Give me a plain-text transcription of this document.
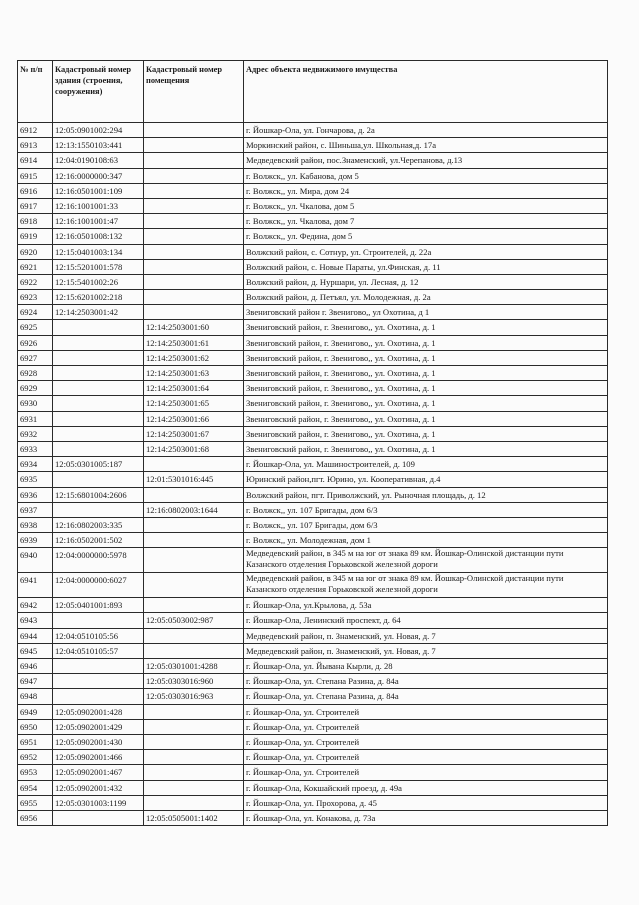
№ п/п	Кадастровый номер здания (строения, сооружения)	Кадастровый номер помещения	Адрес объекта недвижимого имущества
6912	12:05:0901002:294		г. Йошкар-Ола, ул. Гончарова, д. 2а
6913	12:13:1550103:441		Моркинский район, с. Шиньша,ул. Школьная,д. 17а
6914	12:04:0190108:63		Медведевский район, пос.Знаменский, ул.Черепанова, д.13
6915	12:16:0000000:347		г. Волжск,, ул. Кабанова, дом 5
6916	12:16:0501001:109		г. Волжск,, ул. Мира, дом 24
6917	12:16:1001001:33		г. Волжск,, ул. Чкалова, дом 5
6918	12:16:1001001:47		г. Волжск,, ул. Чкалова, дом 7
6919	12:16:0501008:132		г. Волжск,, ул. Федина, дом 5
6920	12:15:0401003:134		Волжский район, с. Сотнур, ул. Строителей, д. 22а
6921	12:15:5201001:578		Волжский район, с. Новые Параты, ул.Финская, д. 11
6922	12:15:5401002:26		Волжский район, д. Нуршари, ул. Лесная, д. 12
6923	12:15:6201002:218		Волжский район, д. Петъял, ул. Молодежная, д. 2а
6924	12:14:2503001:42		Звениговский район г. Звенигово,, ул Охотина, д 1
6925		12:14:2503001:60	Звениговский район, г. Звенигово,, ул. Охотина, д. 1
6926		12:14:2503001:61	Звениговский район, г. Звенигово,, ул. Охотина, д. 1
6927		12:14:2503001:62	Звениговский район, г. Звенигово,, ул. Охотина, д. 1
6928		12:14:2503001:63	Звениговский район, г. Звенигово,, ул. Охотина, д. 1
6929		12:14:2503001:64	Звениговский район, г. Звенигово,, ул. Охотина, д. 1
6930		12:14:2503001:65	Звениговский район, г. Звенигово,, ул. Охотина, д. 1
6931		12:14:2503001:66	Звениговский район, г. Звенигово,, ул. Охотина, д. 1
6932		12:14:2503001:67	Звениговский район, г. Звенигово,, ул. Охотина, д. 1
6933		12:14:2503001:68	Звениговский район, г. Звенигово,, ул. Охотина, д. 1
6934	12:05:0301005:187		г. Йошкар-Ола, ул. Машиностроителей, д. 109
6935		12:01:5301016:445	Юринский район,пгт. Юрино, ул. Кооперативная, д.4
6936	12:15:6801004:2606		Волжский район, пгт. Приволжский, ул. Рыночная площадь, д. 12
6937		12:16:0802003:1644	г. Волжск,, ул. 107 Бригады, дом 6/3
6938	12:16:0802003:335		г. Волжск,, ул. 107 Бригады, дом 6/3
6939	12:16:0502001:502		г. Волжск,, ул. Молодежная, дом 1
6940	12:04:0000000:5978		Медведевский район, в 345 м на юг от знака 89 км. Йошкар-Олинской дистанции пути Казанского отделения Горьковской железной дороги
6941	12:04:0000000:6027		Медведевский район, в 345 м на юг от знака 89 км. Йошкар-Олинской дистанции пути Казанского отделения Горьковской железной дороги
6942	12:05:0401001:893		г. Йошкар-Ола, ул.Крылова, д. 53а
6943		12:05:0503002:987	г. Йошкар-Ола, Ленинский проспект, д. 64
6944	12:04:0510105:56		Медведевский район, п. Знаменский, ул. Новая, д. 7
6945	12:04:0510105:57		Медведевский район, п. Знаменский, ул. Новая, д. 7
6946		12:05:0301001:4288	г. Йошкар-Ола, ул. Йывана Кырли, д. 28
6947		12:05:0303016:960	г. Йошкар-Ола, ул. Степана Разина, д. 84а
6948		12:05:0303016:963	г. Йошкар-Ола, ул. Степана Разина, д. 84а
6949	12:05:0902001:428		г. Йошкар-Ола, ул. Строителей
6950	12:05:0902001:429		г. Йошкар-Ола, ул. Строителей
6951	12:05:0902001:430		г. Йошкар-Ола, ул. Строителей
6952	12:05:0902001:466		г. Йошкар-Ола, ул. Строителей
6953	12:05:0902001:467		г. Йошкар-Ола, ул. Строителей
6954	12:05:0902001:432		г. Йошкар-Ола, Кокшайский проезд, д. 49а
6955	12:05:0301003:1199		г. Йошкар-Ола, ул. Прохорова, д. 45
6956		12:05:0505001:1402	г. Йошкар-Ола, ул. Конакова, д. 73а
